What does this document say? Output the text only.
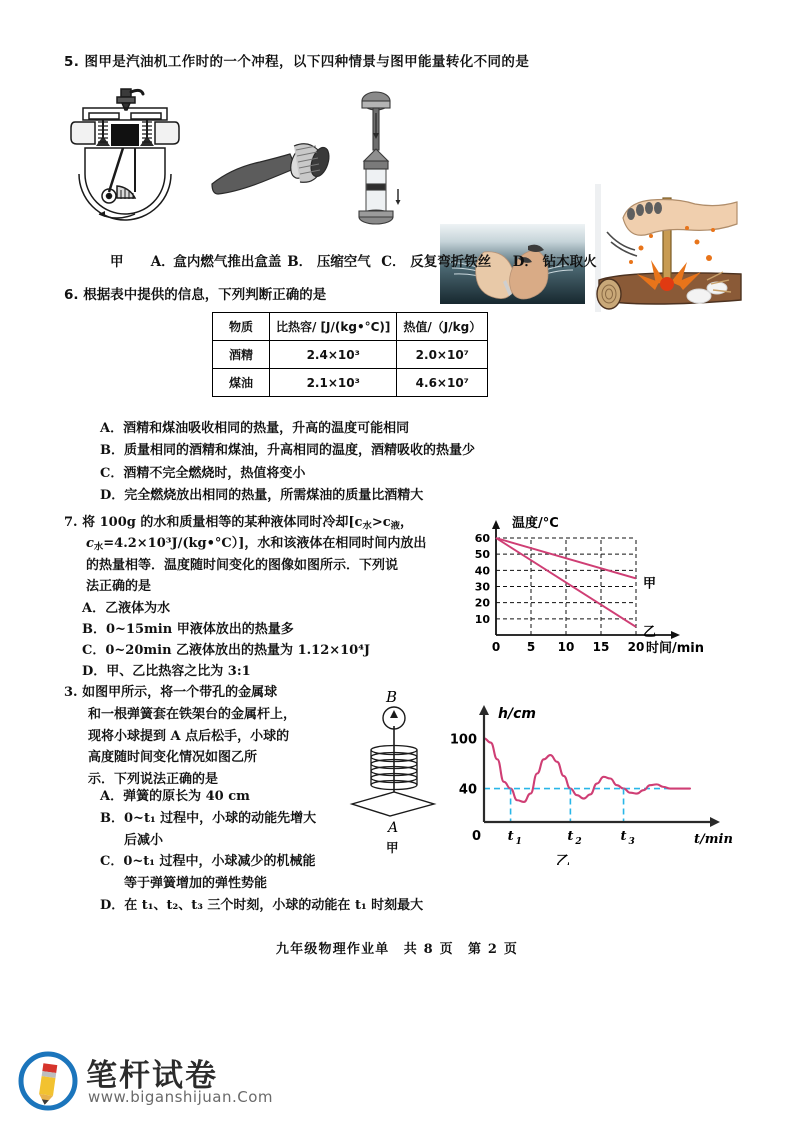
5. 图甲是汽油机工作时的一个冲程，以下四种情景与图甲能量转化不同的是
甲 A． 盒内燃气推出盒盖 B． 压缩空气 C． 反复弯折铁丝 D． 钻木取火
6. 根据表中提供的信息，下列判断正确的是
物质	比热容/ [J/(kg•°C)]	热值/（J/kg）
酒精	2.4×10³	2.0×10⁷
煤油	2.1×10³	4.6×10⁷
A．酒精和煤油吸收相同的热量，升高的温度可能相同
B．质量相同的酒精和煤油，升高相同的温度，酒精吸收的热量少
C．酒精不完全燃烧时，热值将变小
D．完全燃烧放出相同的热量，所需煤油的质量比酒精大
7. 将 100g 的水和质量相等的某种液体同时冷却[$c_水>c_液$，
$c_水=4.2\times 10^3J/(kg•^\circ C)$]，水和该液体在相同时间内放出
的热量相等．温度随时间变化的图像如图所示．下列说
法正确的是
A．乙液体为水
B．0~15min 甲液体放出的热量多
C．0~20min 乙液体放出的热量为 1.12×10⁴J
D．甲、乙比热容之比为 3:1
温度/°C
10
20
30
40
50
60
0 5 10 15 20 时间/min
甲
乙
3. 如图甲所示，将一个带孔的金属球
和一根弹簧套在铁架台的金属杆上，
现将小球提到 A 点后松手，小球的
高度随时间变化情况如图乙所
示．下列说法正确的是
A．弹簧的原长为 40 cm
B．0~t₁ 过程中，小球的动能先增大
后减小
C．0~t₁ 过程中，小球减少的机械能
等于弹簧增加的弹性势能
D．在 t₁、t₂、t₃ 三个时刻，小球的动能在 t₁ 时刻最大
B
A
甲
h/cm
40
100
t 1	t 2	t 3
0	t/min
乙
九年级物理作业单　共 8 页　第 2 页
笔杆试卷
www.biganshijuan.Com
